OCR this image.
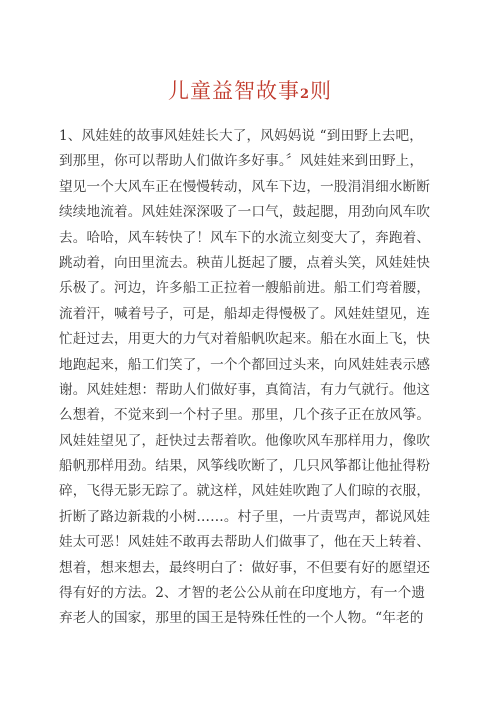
儿童益智故事2则
1、风娃娃的故事风娃娃长大了，风妈妈说 “到田野上去吧，
到那里，你可以帮助人们做许多好事。〞风娃娃来到田野上，
望见一个大风车正在慢慢转动，风车下边，一股涓涓细水断断
续续地流着。风娃娃深深吸了一口气，鼓起腮，用劲向风车吹
去。哈哈，风车转快了！风车下的水流立刻变大了，奔跑着、
跳动着，向田里流去。秧苗儿挺起了腰，点着头笑，风娃娃快
乐极了。河边，许多船工正拉着一艘船前进。船工们弯着腰，
流着汗，喊着号子，可是，船却走得慢极了。风娃娃望见，连
忙赶过去，用更大的力气对着船帆吹起来。船在水面上飞，快
地跑起来，船工们笑了，一个个都回过头来，向风娃娃表示感
谢。风娃娃想：帮助人们做好事，真简洁，有力气就行。他这
么想着，不觉来到一个村子里。那里，几个孩子正在放风筝。
风娃娃望见了，赶快过去帮着吹。他像吹风车那样用力，像吹
船帆那样用劲。结果，风筝线吹断了，几只风筝都让他扯得粉
碎，飞得无影无踪了。就这样，风娃娃吹跑了人们晾的衣服，
折断了路边新栽的小树……。村子里，一片责骂声，都说风娃
娃太可恶！风娃娃不敢再去帮助人们做事了，他在天上转着、
想着，想来想去，最终明白了：做好事，不但要有好的愿望还
得有好的方法。2、才智的老公公从前在印度地方，有一个遗
弃老人的国家，那里的国王是特殊任性的一个人物。“年老的
